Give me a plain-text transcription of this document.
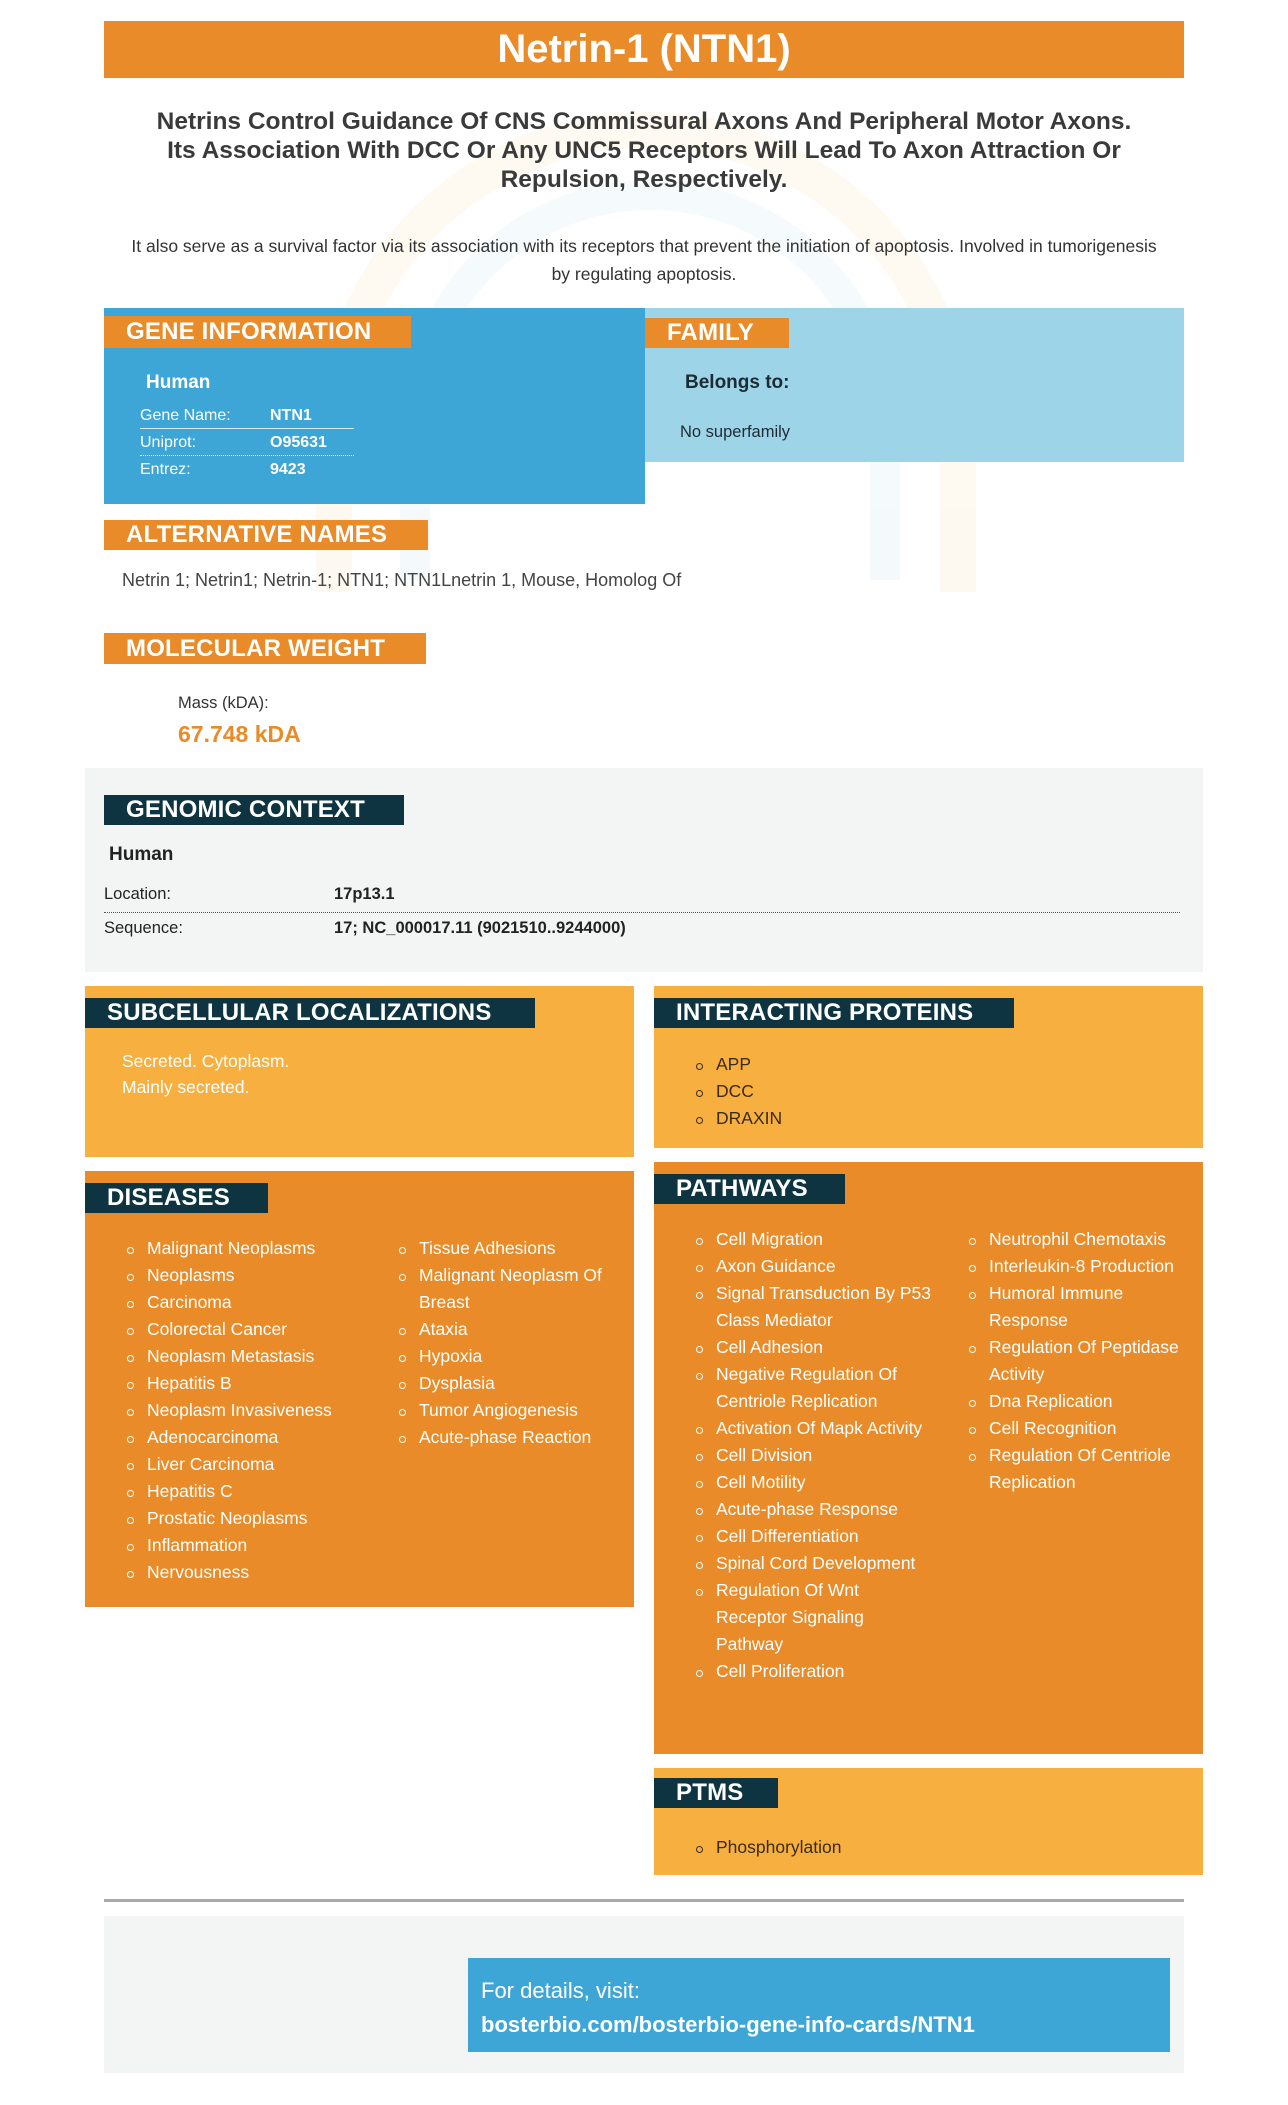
Netrin-1 (NTN1)
Netrins Control Guidance Of CNS Commissural Axons And Peripheral Motor Axons. Its Association With DCC Or Any UNC5 Receptors Will Lead To Axon Attraction Or Repulsion, Respectively.
It also serve as a survival factor via its association with its receptors that prevent the initiation of apoptosis. Involved in tumorigenesis by regulating apoptosis.
GENE INFORMATION
Human
Gene Name: NTN1
Uniprot:	O95631
Entrez:	9423
FAMILY
Belongs to:
No superfamily
ALTERNATIVE NAMES
Netrin 1; Netrin1; Netrin-1; NTN1; NTN1Lnetrin 1, Mouse, Homolog Of
MOLECULAR WEIGHT
Mass (kDA):
67.748 kDA
GENOMIC CONTEXT
Human
Location:	17p13.1
Sequence:	17; NC_000017.11 (9021510..9244000)
SUBCELLULAR LOCALIZATIONS
Secreted. Cytoplasm.
Mainly secreted.
INTERACTING PROTEINS
APP
DCC
DRAXIN
DISEASES
Malignant Neoplasms
Neoplasms
Carcinoma
Colorectal Cancer
Neoplasm Metastasis
Hepatitis B
Neoplasm Invasiveness
Adenocarcinoma
Liver Carcinoma
Hepatitis C
Prostatic Neoplasms
Inflammation
Nervousness
Tissue Adhesions
Malignant Neoplasm Of Breast
Ataxia
Hypoxia
Dysplasia
Tumor Angiogenesis
Acute-phase Reaction
PATHWAYS
Cell Migration
Axon Guidance
Signal Transduction By P53 Class Mediator
Cell Adhesion
Negative Regulation Of Centriole Replication
Activation Of Mapk Activity
Cell Division
Cell Motility
Acute-phase Response
Cell Differentiation
Spinal Cord Development
Regulation Of Wnt Receptor Signaling Pathway
Cell Proliferation
Neutrophil Chemotaxis
Interleukin-8 Production
Humoral Immune Response
Regulation Of Peptidase Activity
Dna Replication
Cell Recognition
Regulation Of Centriole Replication
PTMS
Phosphorylation
For details, visit:
bosterbio.com/bosterbio-gene-info-cards/NTN1
